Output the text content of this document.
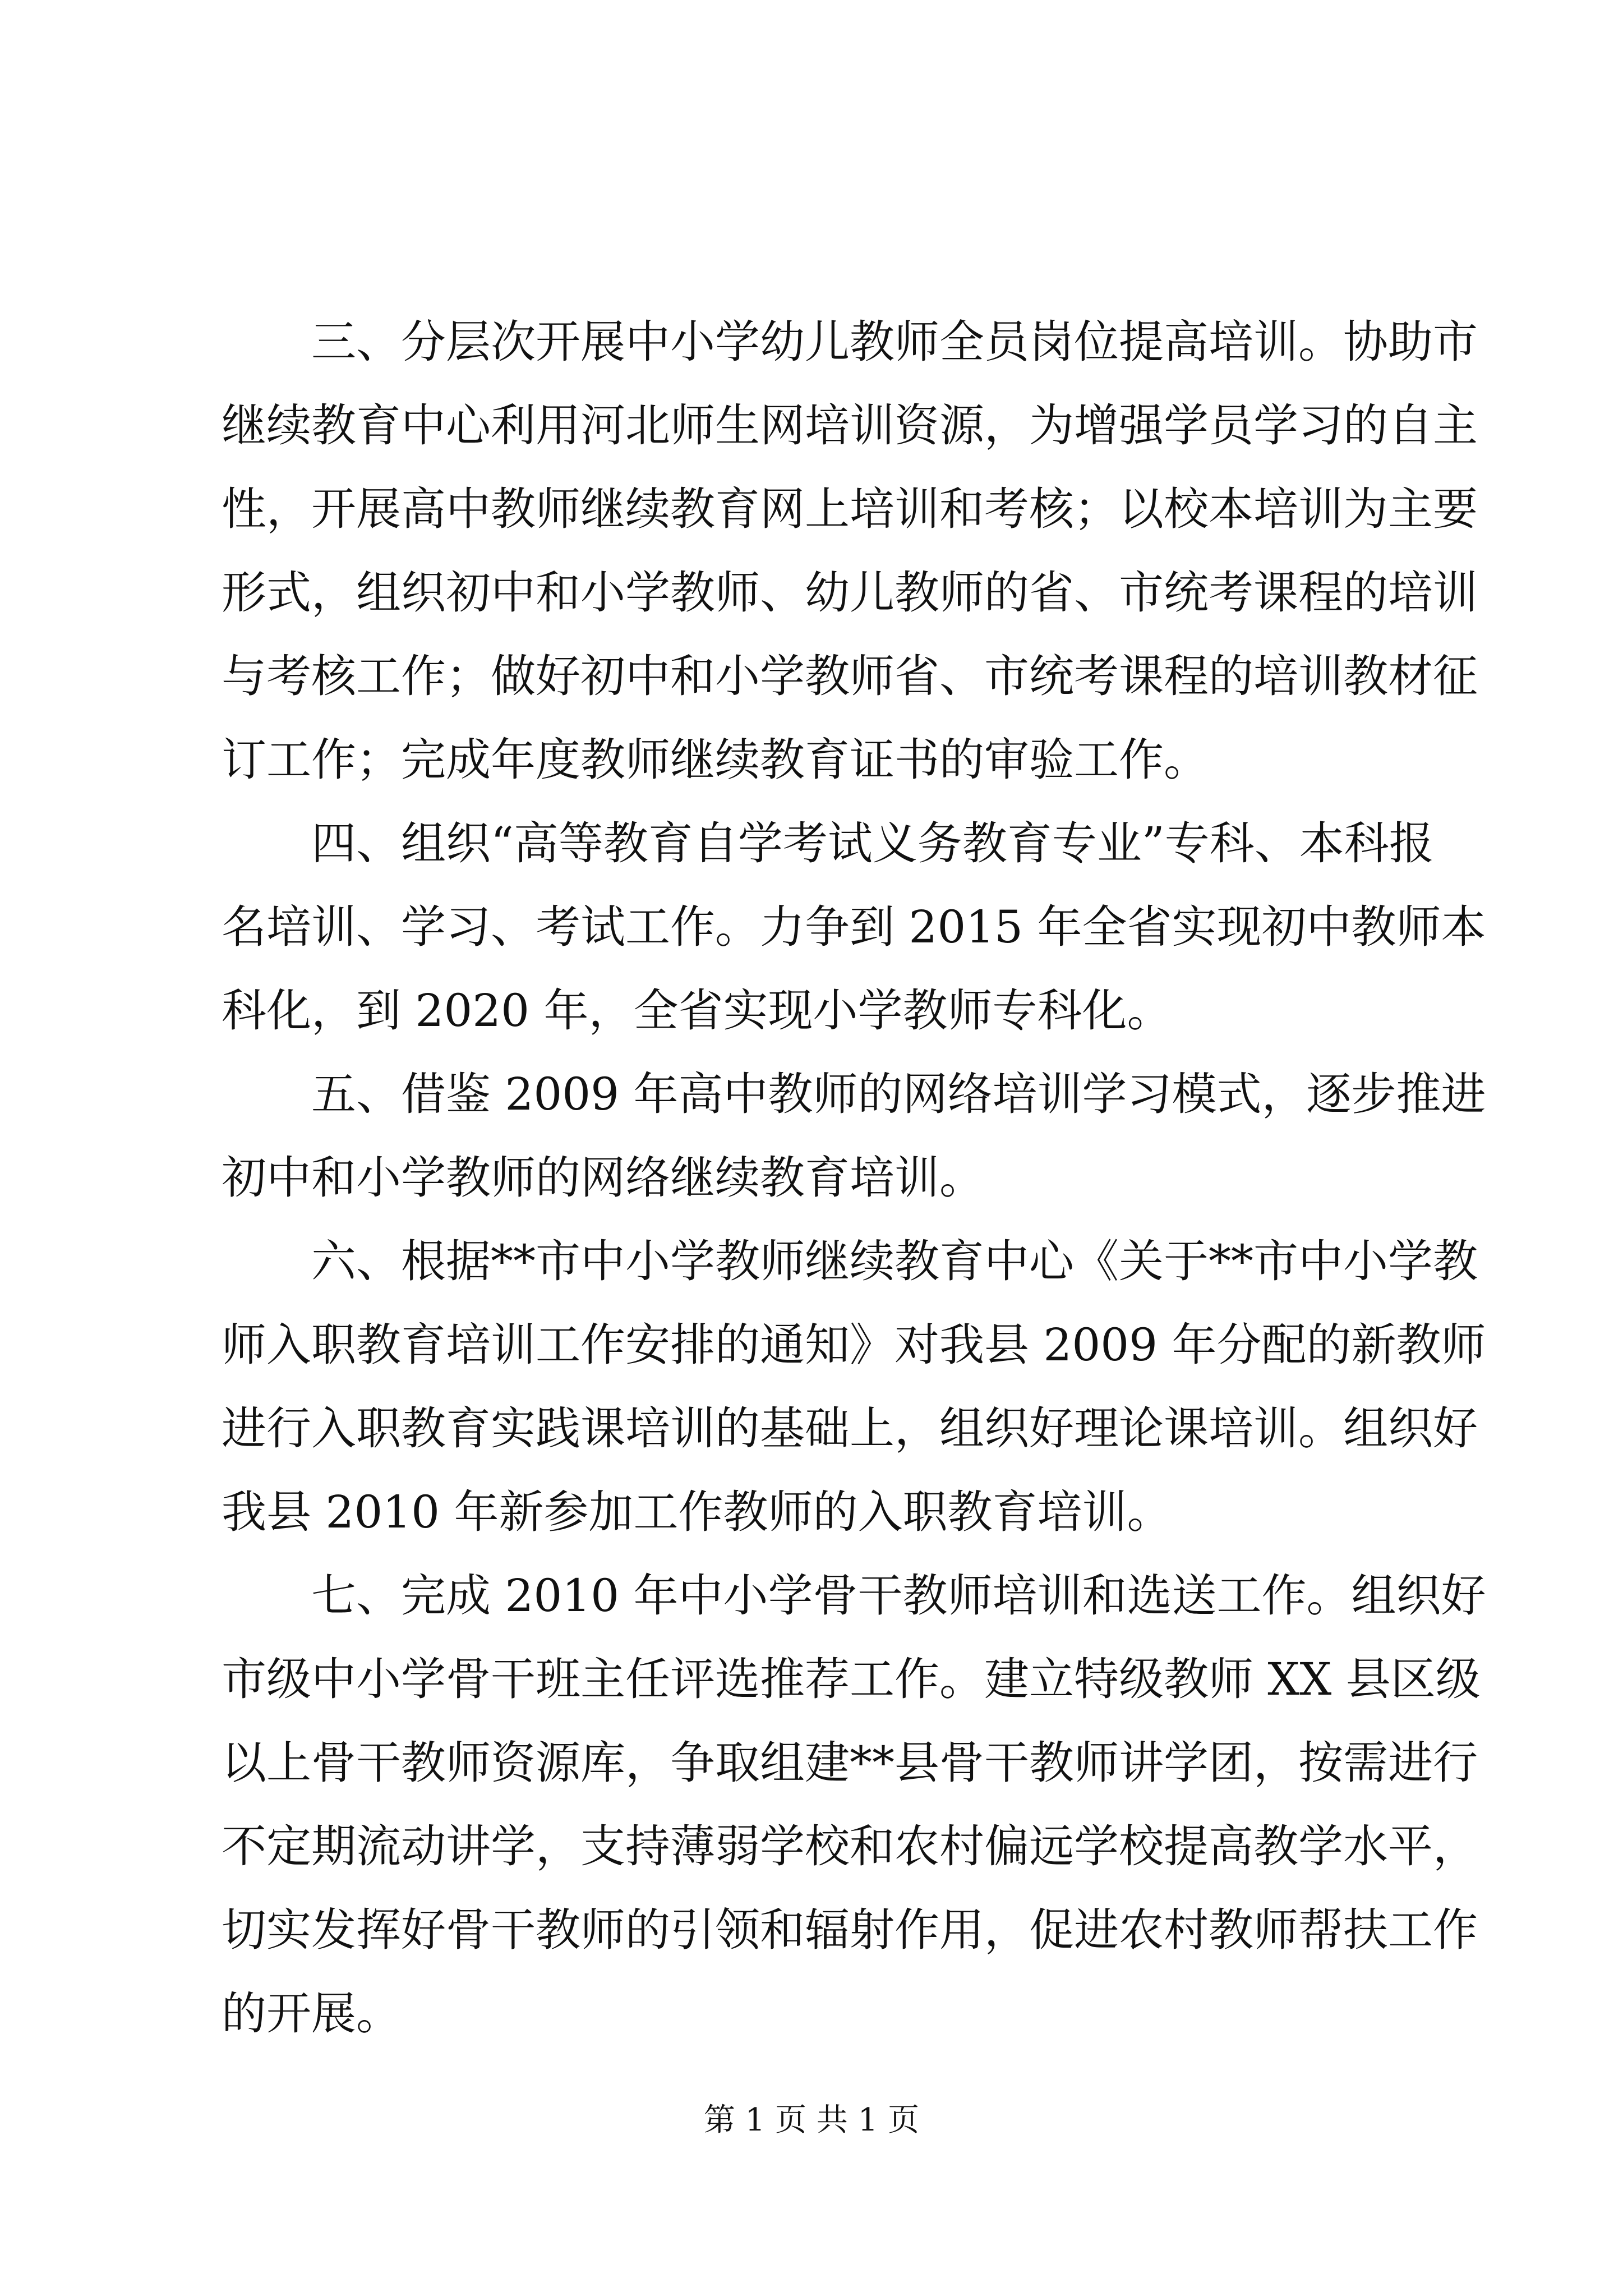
三、分层次开展中小学幼儿教师全员岗位提高培训。协助市
继续教育中心利用河北师生网培训资源，为增强学员学习的自主
性，开展高中教师继续教育网上培训和考核；以校本培训为主要
形式，组织初中和小学教师、幼儿教师的省、市统考课程的培训
与考核工作；做好初中和小学教师省、市统考课程的培训教材征
订工作；完成年度教师继续教育证书的审验工作。
四、组织“高等教育自学考试义务教育专业”专科、本科报
名培训、学习、考试工作。力争到 2015 年全省实现初中教师本
科化，到 2020 年，全省实现小学教师专科化。
五、借鉴 2009 年高中教师的网络培训学习模式，逐步推进
初中和小学教师的网络继续教育培训。
六、根据**市中小学教师继续教育中心《关于**市中小学教
师入职教育培训工作安排的通知》对我县 2009 年分配的新教师
进行入职教育实践课培训的基础上，组织好理论课培训。组织好
我县 2010 年新参加工作教师的入职教育培训。
七、完成 2010 年中小学骨干教师培训和选送工作。组织好
市级中小学骨干班主任评选推荐工作。建立特级教师 XX 县区级
以上骨干教师资源库，争取组建**县骨干教师讲学团，按需进行
不定期流动讲学，支持薄弱学校和农村偏远学校提高教学水平，
切实发挥好骨干教师的引领和辐射作用，促进农村教师帮扶工作
的开展。
第 1 页 共 1 页
